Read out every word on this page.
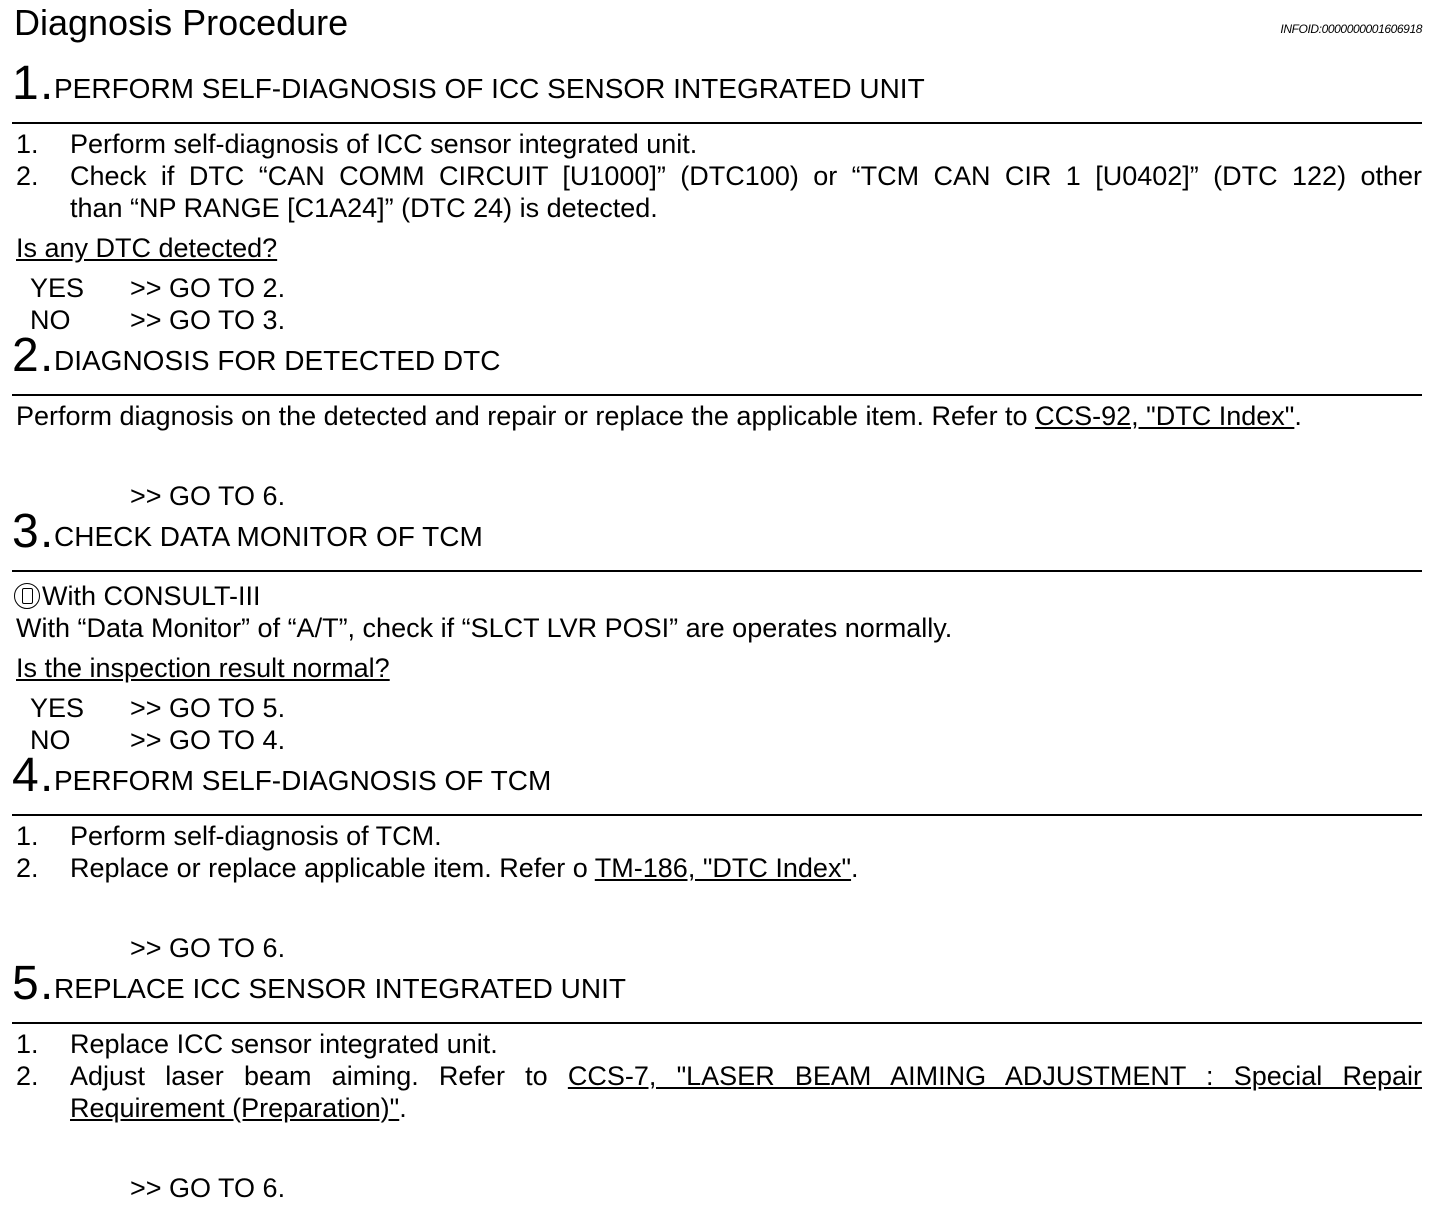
Diagnosis Procedure	INFOID:0000000001606918
1 . PERFORM SELF-DIAGNOSIS OF ICC SENSOR INTEGRATED UNIT
1. Perform self-diagnosis of ICC sensor integrated unit.
2. Check if DTC “CAN COMM CIRCUIT [U1000]” (DTC100) or “TCM CAN CIR 1 [U0402]” (DTC 122) other
than “NP RANGE [C1A24]” (DTC 24) is detected.
Is any DTC detected?
YES >> GO TO 2.
NO >> GO TO 3.
2 . DIAGNOSIS FOR DETECTED DTC
Perform diagnosis on the detected and repair or replace the applicable item. Refer to CCS-92, "DTC Index".
>> GO TO 6.
3 . CHECK DATA MONITOR OF TCM
With CONSULT-III
With “Data Monitor” of “A/T”, check if “SLCT LVR POSI” are operates normally.
Is the inspection result normal?
YES >> GO TO 5.
NO >> GO TO 4.
4 . PERFORM SELF-DIAGNOSIS OF TCM
1. Perform self-diagnosis of TCM.
2. Replace or replace applicable item. Refer o TM-186, "DTC Index".
>> GO TO 6.
5 . REPLACE ICC SENSOR INTEGRATED UNIT
1. Replace ICC sensor integrated unit.
2. Adjust laser beam aiming. Refer to CCS-7, "LASER BEAM AIMING ADJUSTMENT : Special Repair
Requirement (Preparation)".
>> GO TO 6.
